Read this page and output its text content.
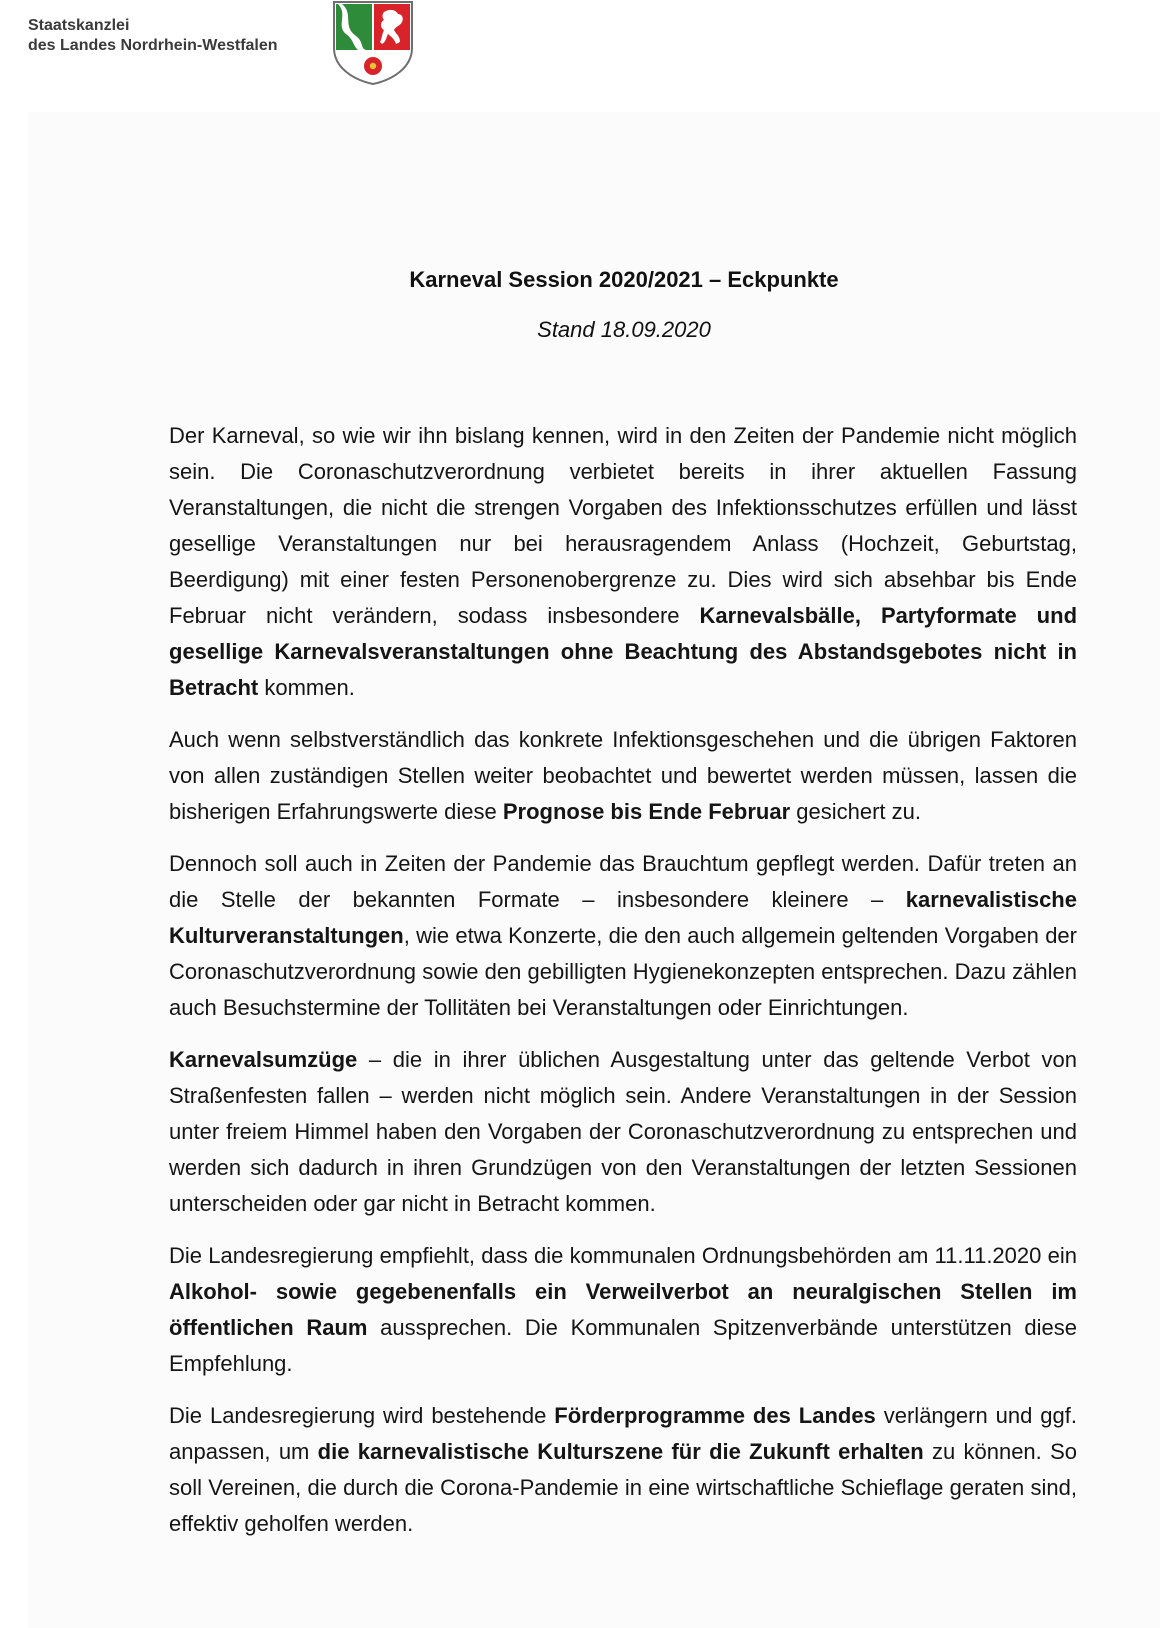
Staatskanzlei
des Landes Nordrhein-Westfalen
Karneval Session 2020/2021 – Eckpunkte
Stand 18.09.2020

Der Karneval, so wie wir ihn bislang kennen, wird in den Zeiten der Pandemie nicht möglich sein. Die Coronaschutzverordnung verbietet bereits in ihrer aktuellen Fassung Veranstaltungen, die nicht die strengen Vorgaben des Infektionsschutzes erfüllen und lässt gesellige Veranstaltungen nur bei herausragendem Anlass (Hochzeit, Geburtstag, Beerdigung) mit einer festen Personenobergrenze zu. Dies wird sich absehbar bis Ende Februar nicht verändern, sodass insbesondere Karnevalsbälle, Partyformate und gesellige Karnevalsveranstaltungen ohne Beachtung des Abstandsgebotes nicht in Betracht kommen.

Auch wenn selbstverständlich das konkrete Infektionsgeschehen und die übrigen Faktoren von allen zuständigen Stellen weiter beobachtet und bewertet werden müssen, lassen die bisherigen Erfahrungswerte diese Prognose bis Ende Februar gesichert zu.

Dennoch soll auch in Zeiten der Pandemie das Brauchtum gepflegt werden. Dafür treten an die Stelle der bekannten Formate – insbesondere kleinere – karnevalistische Kulturveranstaltungen, wie etwa Konzerte, die den auch allgemein geltenden Vorgaben der Coronaschutzverordnung sowie den gebilligten Hygienekonzepten entsprechen. Dazu zählen auch Besuchstermine der Tollitäten bei Veranstaltungen oder Einrichtungen.

Karnevalsumzüge – die in ihrer üblichen Ausgestaltung unter das geltende Verbot von Straßenfesten fallen – werden nicht möglich sein. Andere Veranstaltungen in der Session unter freiem Himmel haben den Vorgaben der Coronaschutzverordnung zu entsprechen und werden sich dadurch in ihren Grundzügen von den Veranstaltungen der letzten Sessionen unterscheiden oder gar nicht in Betracht kommen.

Die Landesregierung empfiehlt, dass die kommunalen Ordnungsbehörden am 11.11.2020 ein Alkohol- sowie gegebenenfalls ein Verweilverbot an neuralgischen Stellen im öffentlichen Raum aussprechen. Die Kommunalen Spitzenverbände unterstützen diese Empfehlung.

Die Landesregierung wird bestehende Förderprogramme des Landes verlängern und ggf. anpassen, um die karnevalistische Kulturszene für die Zukunft erhalten zu können. So soll Vereinen, die durch die Corona-Pandemie in eine wirtschaftliche Schieflage geraten sind, effektiv geholfen werden.
